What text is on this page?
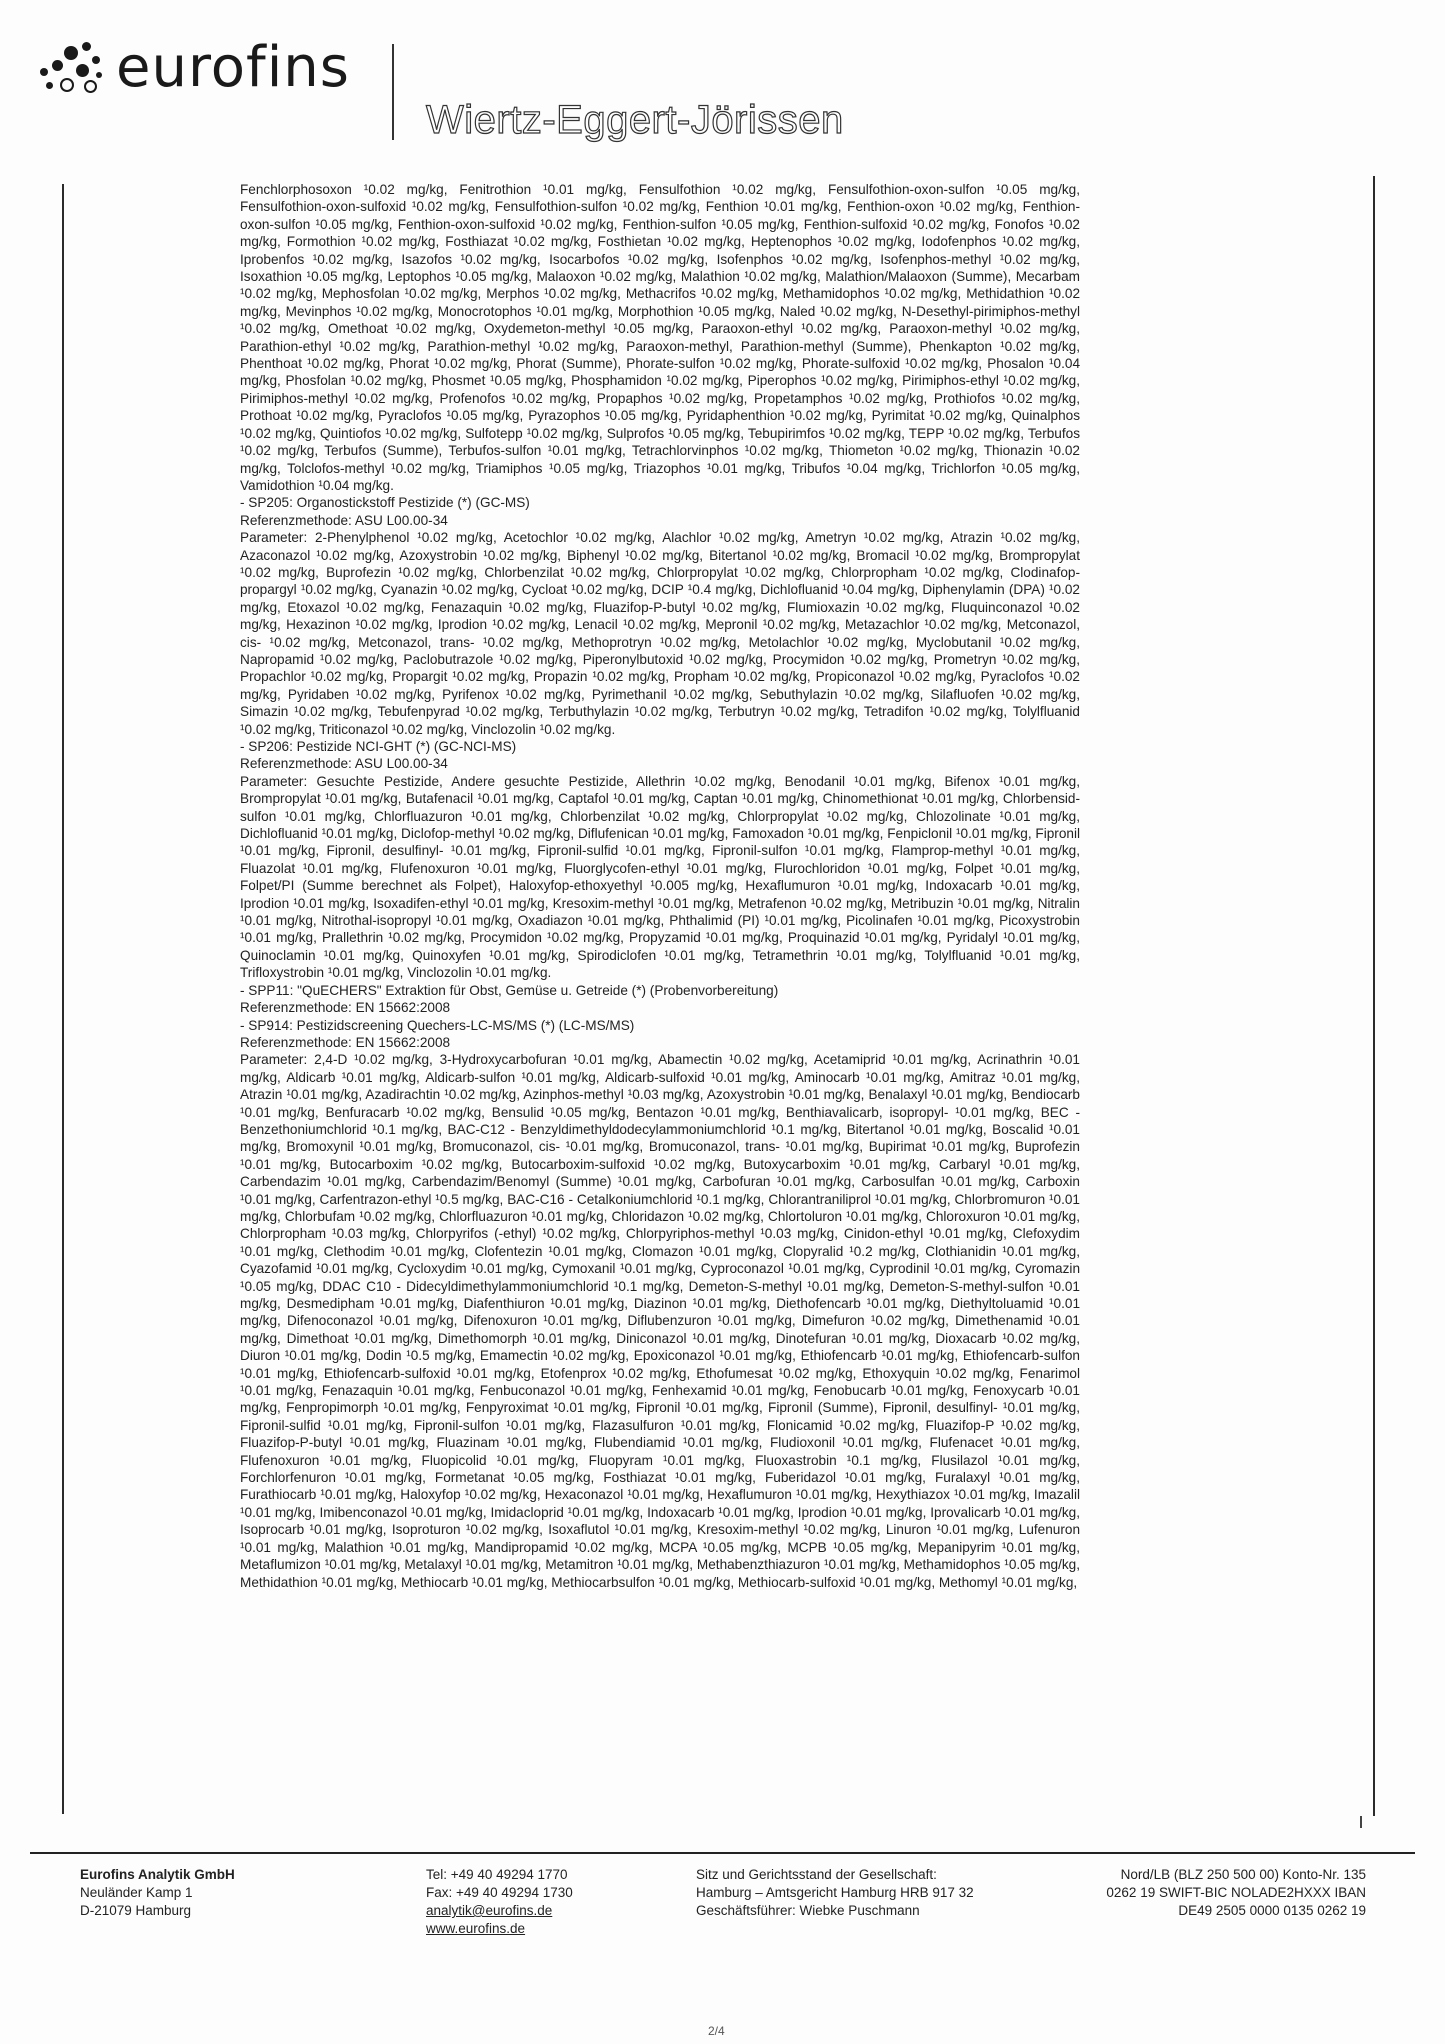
eurofins
Wiertz-Eggert-Jörissen

Fenchlorphosoxon ¹0.02 mg/kg, Fenitrothion ¹0.01 mg/kg, Fensulfothion ¹0.02 mg/kg, Fensulfothion-oxon-sulfon ¹0.05 mg/kg, Fensulfothion-oxon-sulfoxid ¹0.02 mg/kg, Fensulfothion-sulfon ¹0.02 mg/kg, Fenthion ¹0.01 mg/kg, Fenthion-oxon ¹0.02 mg/kg, Fenthion-oxon-sulfon ¹0.05 mg/kg, Fenthion-oxon-sulfoxid ¹0.02 mg/kg, Fenthion-sulfon ¹0.05 mg/kg, Fenthion-sulfoxid ¹0.02 mg/kg, Fonofos ¹0.02 mg/kg, Formothion ¹0.02 mg/kg, Fosthiazat ¹0.02 mg/kg, Fosthietan ¹0.02 mg/kg, Heptenophos ¹0.02 mg/kg, Iodofenphos ¹0.02 mg/kg, Iprobenfos ¹0.02 mg/kg, Isazofos ¹0.02 mg/kg, Isocarbofos ¹0.02 mg/kg, Isofenphos ¹0.02 mg/kg, Isofenphos-methyl ¹0.02 mg/kg, Isoxathion ¹0.05 mg/kg, Leptophos ¹0.05 mg/kg, Malaoxon ¹0.02 mg/kg, Malathion ¹0.02 mg/kg, Malathion/Malaoxon (Summe), Mecarbam ¹0.02 mg/kg, Mephosfolan ¹0.02 mg/kg, Merphos ¹0.02 mg/kg, Methacrifos ¹0.02 mg/kg, Methamidophos ¹0.02 mg/kg, Methidathion ¹0.02 mg/kg, Mevinphos ¹0.02 mg/kg, Monocrotophos ¹0.01 mg/kg, Morphothion ¹0.05 mg/kg, Naled ¹0.02 mg/kg, N-Desethyl-pirimiphos-methyl ¹0.02 mg/kg, Omethoat ¹0.02 mg/kg, Oxydemeton-methyl ¹0.05 mg/kg, Paraoxon-ethyl ¹0.02 mg/kg, Paraoxon-methyl ¹0.02 mg/kg, Parathion-ethyl ¹0.02 mg/kg, Parathion-methyl ¹0.02 mg/kg, Paraoxon-methyl, Parathion-methyl (Summe), Phenkapton ¹0.02 mg/kg, Phenthoat ¹0.02 mg/kg, Phorat ¹0.02 mg/kg, Phorat (Summe), Phorate-sulfon ¹0.02 mg/kg, Phorate-sulfoxid ¹0.02 mg/kg, Phosalon ¹0.04 mg/kg, Phosfolan ¹0.02 mg/kg, Phosmet ¹0.05 mg/kg, Phosphamidon ¹0.02 mg/kg, Piperophos ¹0.02 mg/kg, Pirimiphos-ethyl ¹0.02 mg/kg, Pirimiphos-methyl ¹0.02 mg/kg, Profenofos ¹0.02 mg/kg, Propaphos ¹0.02 mg/kg, Propetamphos ¹0.02 mg/kg, Prothiofos ¹0.02 mg/kg, Prothoat ¹0.02 mg/kg, Pyraclofos ¹0.05 mg/kg, Pyrazophos ¹0.05 mg/kg, Pyridaphenthion ¹0.02 mg/kg, Pyrimitat ¹0.02 mg/kg, Quinalphos ¹0.02 mg/kg, Quintiofos ¹0.02 mg/kg, Sulfotepp ¹0.02 mg/kg, Sulprofos ¹0.05 mg/kg, Tebupirimfos ¹0.02 mg/kg, TEPP ¹0.02 mg/kg, Terbufos ¹0.02 mg/kg, Terbufos (Summe), Terbufos-sulfon ¹0.01 mg/kg, Tetrachlorvinphos ¹0.02 mg/kg, Thiometon ¹0.02 mg/kg, Thionazin ¹0.02 mg/kg, Tolclofos-methyl ¹0.02 mg/kg, Triamiphos ¹0.05 mg/kg, Triazophos ¹0.01 mg/kg, Tribufos ¹0.04 mg/kg, Trichlorfon ¹0.05 mg/kg, Vamidothion ¹0.04 mg/kg.

- SP205: Organostickstoff Pestizide (*) (GC-MS)

Referenzmethode: ASU L00.00-34

Parameter: 2-Phenylphenol ¹0.02 mg/kg, Acetochlor ¹0.02 mg/kg, Alachlor ¹0.02 mg/kg, Ametryn ¹0.02 mg/kg, Atrazin ¹0.02 mg/kg, Azaconazol ¹0.02 mg/kg, Azoxystrobin ¹0.02 mg/kg, Biphenyl ¹0.02 mg/kg, Bitertanol ¹0.02 mg/kg, Bromacil ¹0.02 mg/kg, Brompropylat ¹0.02 mg/kg, Buprofezin ¹0.02 mg/kg, Chlorbenzilat ¹0.02 mg/kg, Chlorpropylat ¹0.02 mg/kg, Chlorpropham ¹0.02 mg/kg, Clodinafop-propargyl ¹0.02 mg/kg, Cyanazin ¹0.02 mg/kg, Cycloat ¹0.02 mg/kg, DCIP ¹0.4 mg/kg, Dichlofluanid ¹0.04 mg/kg, Diphenylamin (DPA) ¹0.02 mg/kg, Etoxazol ¹0.02 mg/kg, Fenazaquin ¹0.02 mg/kg, Fluazifop-P-butyl ¹0.02 mg/kg, Flumioxazin ¹0.02 mg/kg, Fluquinconazol ¹0.02 mg/kg, Hexazinon ¹0.02 mg/kg, Iprodion ¹0.02 mg/kg, Lenacil ¹0.02 mg/kg, Mepronil ¹0.02 mg/kg, Metazachlor ¹0.02 mg/kg, Metconazol, cis- ¹0.02 mg/kg, Metconazol, trans- ¹0.02 mg/kg, Methoprotryn ¹0.02 mg/kg, Metolachlor ¹0.02 mg/kg, Myclobutanil ¹0.02 mg/kg, Napropamid ¹0.02 mg/kg, Paclobutrazole ¹0.02 mg/kg, Piperonylbutoxid ¹0.02 mg/kg, Procymidon ¹0.02 mg/kg, Prometryn ¹0.02 mg/kg, Propachlor ¹0.02 mg/kg, Propargit ¹0.02 mg/kg, Propazin ¹0.02 mg/kg, Propham ¹0.02 mg/kg, Propiconazol ¹0.02 mg/kg, Pyraclofos ¹0.02 mg/kg, Pyridaben ¹0.02 mg/kg, Pyrifenox ¹0.02 mg/kg, Pyrimethanil ¹0.02 mg/kg, Sebuthylazin ¹0.02 mg/kg, Silafluofen ¹0.02 mg/kg, Simazin ¹0.02 mg/kg, Tebufenpyrad ¹0.02 mg/kg, Terbuthylazin ¹0.02 mg/kg, Terbutryn ¹0.02 mg/kg, Tetradifon ¹0.02 mg/kg, Tolylfluanid ¹0.02 mg/kg, Triticonazol ¹0.02 mg/kg, Vinclozolin ¹0.02 mg/kg.

- SP206: Pestizide NCI-GHT (*) (GC-NCI-MS)

Referenzmethode: ASU L00.00-34

Parameter: Gesuchte Pestizide, Andere gesuchte Pestizide, Allethrin ¹0.02 mg/kg, Benodanil ¹0.01 mg/kg, Bifenox ¹0.01 mg/kg, Brompropylat ¹0.01 mg/kg, Butafenacil ¹0.01 mg/kg, Captafol ¹0.01 mg/kg, Captan ¹0.01 mg/kg, Chinomethionat ¹0.01 mg/kg, Chlorbensid-sulfon ¹0.01 mg/kg, Chlorfluazuron ¹0.01 mg/kg, Chlorbenzilat ¹0.02 mg/kg, Chlorpropylat ¹0.02 mg/kg, Chlozolinate ¹0.01 mg/kg, Dichlofluanid ¹0.01 mg/kg, Diclofop-methyl ¹0.02 mg/kg, Diflufenican ¹0.01 mg/kg, Famoxadon ¹0.01 mg/kg, Fenpiclonil ¹0.01 mg/kg, Fipronil ¹0.01 mg/kg, Fipronil, desulfinyl- ¹0.01 mg/kg, Fipronil-sulfid ¹0.01 mg/kg, Fipronil-sulfon ¹0.01 mg/kg, Flamprop-methyl ¹0.01 mg/kg, Fluazolat ¹0.01 mg/kg, Flufenoxuron ¹0.01 mg/kg, Fluorglycofen-ethyl ¹0.01 mg/kg, Flurochloridon ¹0.01 mg/kg, Folpet ¹0.01 mg/kg, Folpet/PI (Summe berechnet als Folpet), Haloxyfop-ethoxyethyl ¹0.005 mg/kg, Hexaflumuron ¹0.01 mg/kg, Indoxacarb ¹0.01 mg/kg, Iprodion ¹0.01 mg/kg, Isoxadifen-ethyl ¹0.01 mg/kg, Kresoxim-methyl ¹0.01 mg/kg, Metrafenon ¹0.02 mg/kg, Metribuzin ¹0.01 mg/kg, Nitralin ¹0.01 mg/kg, Nitrothal-isopropyl ¹0.01 mg/kg, Oxadiazon ¹0.01 mg/kg, Phthalimid (PI) ¹0.01 mg/kg, Picolinafen ¹0.01 mg/kg, Picoxystrobin ¹0.01 mg/kg, Prallethrin ¹0.02 mg/kg, Procymidon ¹0.02 mg/kg, Propyzamid ¹0.01 mg/kg, Proquinazid ¹0.01 mg/kg, Pyridalyl ¹0.01 mg/kg, Quinoclamin ¹0.01 mg/kg, Quinoxyfen ¹0.01 mg/kg, Spirodiclofen ¹0.01 mg/kg, Tetramethrin ¹0.01 mg/kg, Tolylfluanid ¹0.01 mg/kg, Trifloxystrobin ¹0.01 mg/kg, Vinclozolin ¹0.01 mg/kg.

- SPP11: "QuECHERS" Extraktion für Obst, Gemüse u. Getreide (*) (Probenvorbereitung)

Referenzmethode: EN 15662:2008

- SP914: Pestizidscreening Quechers-LC-MS/MS (*) (LC-MS/MS)

Referenzmethode: EN 15662:2008

Parameter: 2,4-D ¹0.02 mg/kg, 3-Hydroxycarbofuran ¹0.01 mg/kg, Abamectin ¹0.02 mg/kg, Acetamiprid ¹0.01 mg/kg, Acrinathrin ¹0.01 mg/kg, Aldicarb ¹0.01 mg/kg, Aldicarb-sulfon ¹0.01 mg/kg, Aldicarb-sulfoxid ¹0.01 mg/kg, Aminocarb ¹0.01 mg/kg, Amitraz ¹0.01 mg/kg, Atrazin ¹0.01 mg/kg, Azadirachtin ¹0.02 mg/kg, Azinphos-methyl ¹0.03 mg/kg, Azoxystrobin ¹0.01 mg/kg, Benalaxyl ¹0.01 mg/kg, Bendiocarb ¹0.01 mg/kg, Benfuracarb ¹0.02 mg/kg, Bensulid ¹0.05 mg/kg, Bentazon ¹0.01 mg/kg, Benthiavalicarb, isopropyl- ¹0.01 mg/kg, BEC - Benzethoniumchlorid ¹0.1 mg/kg, BAC-C12 - Benzyldimethyldodecylammoniumchlorid ¹0.1 mg/kg, Bitertanol ¹0.01 mg/kg, Boscalid ¹0.01 mg/kg, Bromoxynil ¹0.01 mg/kg, Bromuconazol, cis- ¹0.01 mg/kg, Bromuconazol, trans- ¹0.01 mg/kg, Bupirimat ¹0.01 mg/kg, Buprofezin ¹0.01 mg/kg, Butocarboxim ¹0.02 mg/kg, Butocarboxim-sulfoxid ¹0.02 mg/kg, Butoxycarboxim ¹0.01 mg/kg, Carbaryl ¹0.01 mg/kg, Carbendazim ¹0.01 mg/kg, Carbendazim/Benomyl (Summe) ¹0.01 mg/kg, Carbofuran ¹0.01 mg/kg, Carbosulfan ¹0.01 mg/kg, Carboxin ¹0.01 mg/kg, Carfentrazon-ethyl ¹0.5 mg/kg, BAC-C16 - Cetalkoniumchlorid ¹0.1 mg/kg, Chlorantraniliprol ¹0.01 mg/kg, Chlorbromuron ¹0.01 mg/kg, Chlorbufam ¹0.02 mg/kg, Chlorfluazuron ¹0.01 mg/kg, Chloridazon ¹0.02 mg/kg, Chlortoluron ¹0.01 mg/kg, Chloroxuron ¹0.01 mg/kg, Chlorpropham ¹0.03 mg/kg, Chlorpyrifos (-ethyl) ¹0.02 mg/kg, Chlorpyriphos-methyl ¹0.03 mg/kg, Cinidon-ethyl ¹0.01 mg/kg, Clefoxydim ¹0.01 mg/kg, Clethodim ¹0.01 mg/kg, Clofentezin ¹0.01 mg/kg, Clomazon ¹0.01 mg/kg, Clopyralid ¹0.2 mg/kg, Clothianidin ¹0.01 mg/kg, Cyazofamid ¹0.01 mg/kg, Cycloxydim ¹0.01 mg/kg, Cymoxanil ¹0.01 mg/kg, Cyproconazol ¹0.01 mg/kg, Cyprodinil ¹0.01 mg/kg, Cyromazin ¹0.05 mg/kg, DDAC C10 - Didecyldimethylammoniumchlorid ¹0.1 mg/kg, Demeton-S-methyl ¹0.01 mg/kg, Demeton-S-methyl-sulfon ¹0.01 mg/kg, Desmedipham ¹0.01 mg/kg, Diafenthiuron ¹0.01 mg/kg, Diazinon ¹0.01 mg/kg, Diethofencarb ¹0.01 mg/kg, Diethyltoluamid ¹0.01 mg/kg, Difenoconazol ¹0.01 mg/kg, Difenoxuron ¹0.01 mg/kg, Diflubenzuron ¹0.01 mg/kg, Dimefuron ¹0.02 mg/kg, Dimethenamid ¹0.01 mg/kg, Dimethoat ¹0.01 mg/kg, Dimethomorph ¹0.01 mg/kg, Diniconazol ¹0.01 mg/kg, Dinotefuran ¹0.01 mg/kg, Dioxacarb ¹0.02 mg/kg, Diuron ¹0.01 mg/kg, Dodin ¹0.5 mg/kg, Emamectin ¹0.02 mg/kg, Epoxiconazol ¹0.01 mg/kg, Ethiofencarb ¹0.01 mg/kg, Ethiofencarb-sulfon ¹0.01 mg/kg, Ethiofencarb-sulfoxid ¹0.01 mg/kg, Etofenprox ¹0.02 mg/kg, Ethofumesat ¹0.02 mg/kg, Ethoxyquin ¹0.02 mg/kg, Fenarimol ¹0.01 mg/kg, Fenazaquin ¹0.01 mg/kg, Fenbuconazol ¹0.01 mg/kg, Fenhexamid ¹0.01 mg/kg, Fenobucarb ¹0.01 mg/kg, Fenoxycarb ¹0.01 mg/kg, Fenpropimorph ¹0.01 mg/kg, Fenpyroximat ¹0.01 mg/kg, Fipronil ¹0.01 mg/kg, Fipronil (Summe), Fipronil, desulfinyl- ¹0.01 mg/kg, Fipronil-sulfid ¹0.01 mg/kg, Fipronil-sulfon ¹0.01 mg/kg, Flazasulfuron ¹0.01 mg/kg, Flonicamid ¹0.02 mg/kg, Fluazifop-P ¹0.02 mg/kg, Fluazifop-P-butyl ¹0.01 mg/kg, Fluazinam ¹0.01 mg/kg, Flubendiamid ¹0.01 mg/kg, Fludioxonil ¹0.01 mg/kg, Flufenacet ¹0.01 mg/kg, Flufenoxuron ¹0.01 mg/kg, Fluopicolid ¹0.01 mg/kg, Fluopyram ¹0.01 mg/kg, Fluoxastrobin ¹0.1 mg/kg, Flusilazol ¹0.01 mg/kg, Forchlorfenuron ¹0.01 mg/kg, Formetanat ¹0.05 mg/kg, Fosthiazat ¹0.01 mg/kg, Fuberidazol ¹0.01 mg/kg, Furalaxyl ¹0.01 mg/kg, Furathiocarb ¹0.01 mg/kg, Haloxyfop ¹0.02 mg/kg, Hexaconazol ¹0.01 mg/kg, Hexaflumuron ¹0.01 mg/kg, Hexythiazox ¹0.01 mg/kg, Imazalil ¹0.01 mg/kg, Imibenconazol ¹0.01 mg/kg, Imidacloprid ¹0.01 mg/kg, Indoxacarb ¹0.01 mg/kg, Iprodion ¹0.01 mg/kg, Iprovalicarb ¹0.01 mg/kg, Isoprocarb ¹0.01 mg/kg, Isoproturon ¹0.02 mg/kg, Isoxaflutol ¹0.01 mg/kg, Kresoxim-methyl ¹0.02 mg/kg, Linuron ¹0.01 mg/kg, Lufenuron ¹0.01 mg/kg, Malathion ¹0.01 mg/kg, Mandipropamid ¹0.02 mg/kg, MCPA ¹0.05 mg/kg, MCPB ¹0.05 mg/kg, Mepanipyrim ¹0.01 mg/kg, Metaflumizon ¹0.01 mg/kg, Metalaxyl ¹0.01 mg/kg, Metamitron ¹0.01 mg/kg, Methabenzthiazuron ¹0.01 mg/kg, Methamidophos ¹0.05 mg/kg, Methidathion ¹0.01 mg/kg, Methiocarb ¹0.01 mg/kg, Methiocarbsulfon ¹0.01 mg/kg, Methiocarb-sulfoxid ¹0.01 mg/kg, Methomyl ¹0.01 mg/kg,

Eurofins Analytik GmbH
Neuländer Kamp 1
D-21079 Hamburg
Tel: +49 40 49294 1770
Fax: +49 40 49294 1730
analytik@eurofins.de
www.eurofins.de
Sitz und Gerichtsstand der Gesellschaft:
Hamburg – Amtsgericht Hamburg HRB 917 32
Geschäftsführer: Wiebke Puschmann
Nord/LB (BLZ 250 500 00) Konto-Nr. 135
0262 19 SWIFT-BIC NOLADE2HXXX IBAN
DE49 2505 0000 0135 0262 19
2/4
